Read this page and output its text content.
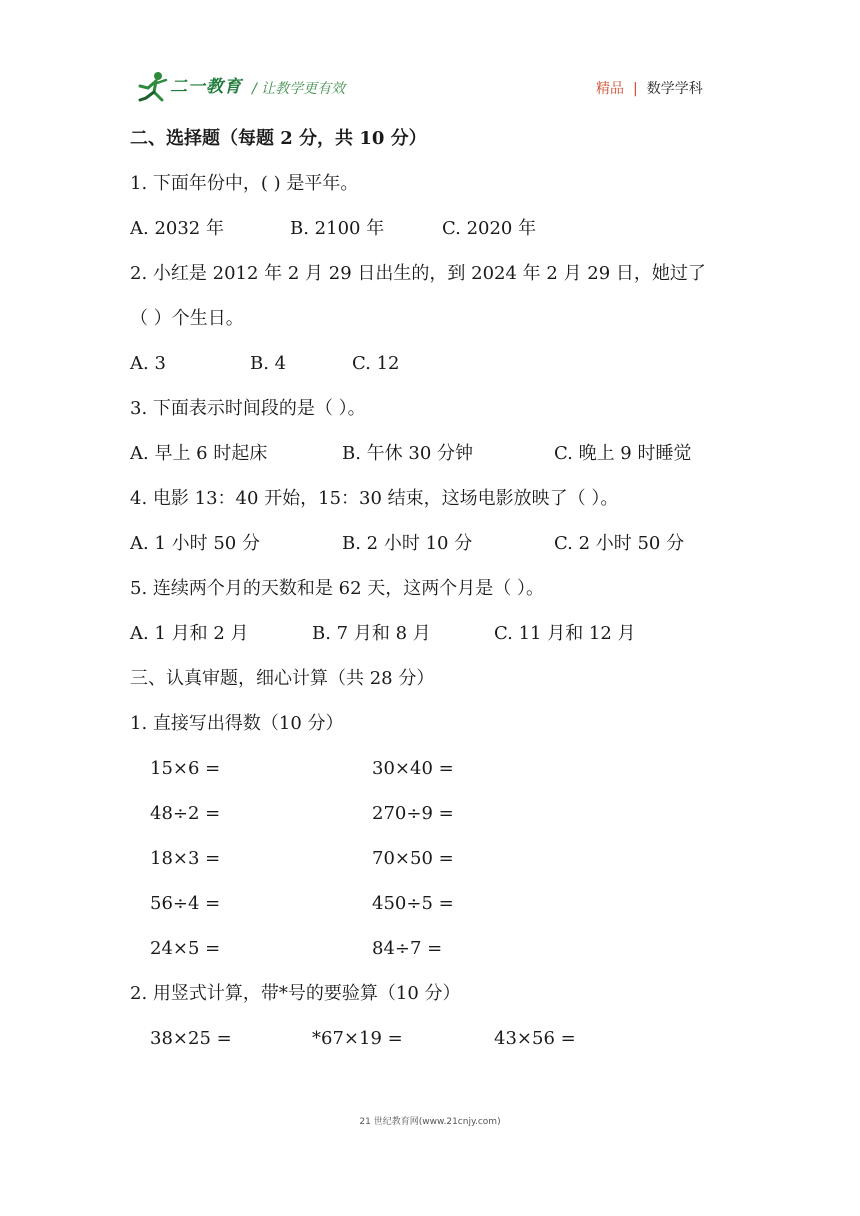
二一教育 / 让教学更有效	精品 | 数学学科
二、选择题（每题 2 分，共 10 分）
1. 下面年份中，( ) 是平年。
A. 2032 年	B. 2100 年	C. 2020 年
2. 小红是 2012 年 2 月 29 日出生的，到 2024 年 2 月 29 日，她过了
（ ）个生日。
A. 3	B. 4	C. 12
3. 下面表示时间段的是（ ）。
A. 早上 6 时起床	B. 午休 30 分钟	C. 晚上 9 时睡觉
4. 电影 13：40 开始，15：30 结束，这场电影放映了（ ）。
A. 1 小时 50 分	B. 2 小时 10 分	C. 2 小时 50 分
5. 连续两个月的天数和是 62 天，这两个月是（ ）。
A. 1 月和 2 月	B. 7 月和 8 月	C. 11 月和 12 月
三、认真审题，细心计算（共 28 分）
1. 直接写出得数（10 分）
15×6 =	30×40 =
48÷2 =	270÷9 =
18×3 =	70×50 =
56÷4 =	450÷5 =
24×5 =	84÷7 =
2. 用竖式计算，带*号的要验算（10 分）
38×25 =	*67×19 =	43×56 =
21 世纪教育网(www.21cnjy.com)
